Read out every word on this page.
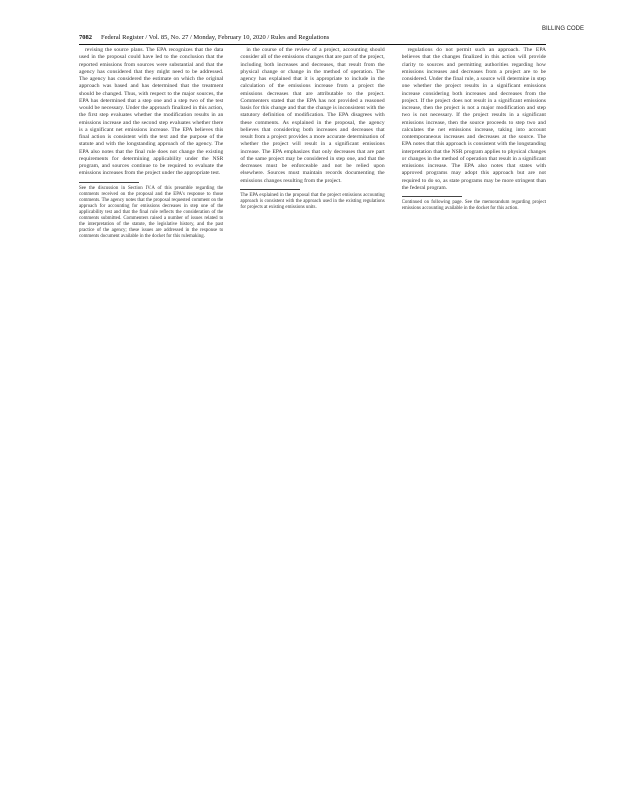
BILLING CODE
7082 Federal Register / Vol. 85, No. 27 / Monday, February 10, 2020 / Rules and Regulations

revising the source plans. The EPA recognizes that the data used in the proposal could have led to the conclusion that the reported emissions from sources were substantial and that the agency has considered that they might need to be addressed. The agency has considered the estimate on which the original approach was based and has determined that the treatment should be changed. Thus, with respect to the major sources, the EPA has determined that a step one and a step two of the test would be necessary. Under the approach finalized in this action, the first step evaluates whether the modification results in an emissions increase and the second step evaluates whether there is a significant net emissions increase. The EPA believes this final action is consistent with the text and the purpose of the statute and with the longstanding approach of the agency. The EPA also notes that the final rule does not change the existing requirements for determining applicability under the NSR program, and sources continue to be required to evaluate the emissions increases from the project under the appropriate test.

See the discussion in Section IV.A of this preamble regarding the comments received on the proposal and the EPA's response to those comments. The agency notes that the proposal requested comment on the approach for accounting for emissions decreases in step one of the applicability test and that the final rule reflects the consideration of the comments submitted. Commenters raised a number of issues related to the interpretation of the statute, the legislative history, and the past practice of the agency; these issues are addressed in the response to comments document available in the docket for this rulemaking.

in the course of the review of a project, accounting should consider all of the emissions changes that are part of the project, including both increases and decreases, that result from the physical change or change in the method of operation. The agency has explained that it is appropriate to include in the calculation of the emissions increase from a project the emissions decreases that are attributable to the project. Commenters stated that the EPA has not provided a reasoned basis for this change and that the change is inconsistent with the statutory definition of modification. The EPA disagrees with these comments. As explained in the proposal, the agency believes that considering both increases and decreases that result from a project provides a more accurate determination of whether the project will result in a significant emissions increase. The EPA emphasizes that only decreases that are part of the same project may be considered in step one, and that the decreases must be enforceable and not be relied upon elsewhere. Sources must maintain records documenting the emissions changes resulting from the project.

The EPA explained in the proposal that the project emissions accounting approach is consistent with the approach used in the existing regulations for projects at existing emissions units.

regulations do not permit such an approach. The EPA believes that the changes finalized in this action will provide clarity to sources and permitting authorities regarding how emissions increases and decreases from a project are to be considered. Under the final rule, a source will determine in step one whether the project results in a significant emissions increase considering both increases and decreases from the project. If the project does not result in a significant emissions increase, then the project is not a major modification and step two is not necessary. If the project results in a significant emissions increase, then the source proceeds to step two and calculates the net emissions increase, taking into account contemporaneous increases and decreases at the source. The EPA notes that this approach is consistent with the longstanding interpretation that the NSR program applies to physical changes or changes in the method of operation that result in a significant emissions increase. The EPA also notes that states with approved programs may adopt this approach but are not required to do so, as state programs may be more stringent than the federal program.

Continued on following page. See the memorandum regarding project emissions accounting available in the docket for this action.
